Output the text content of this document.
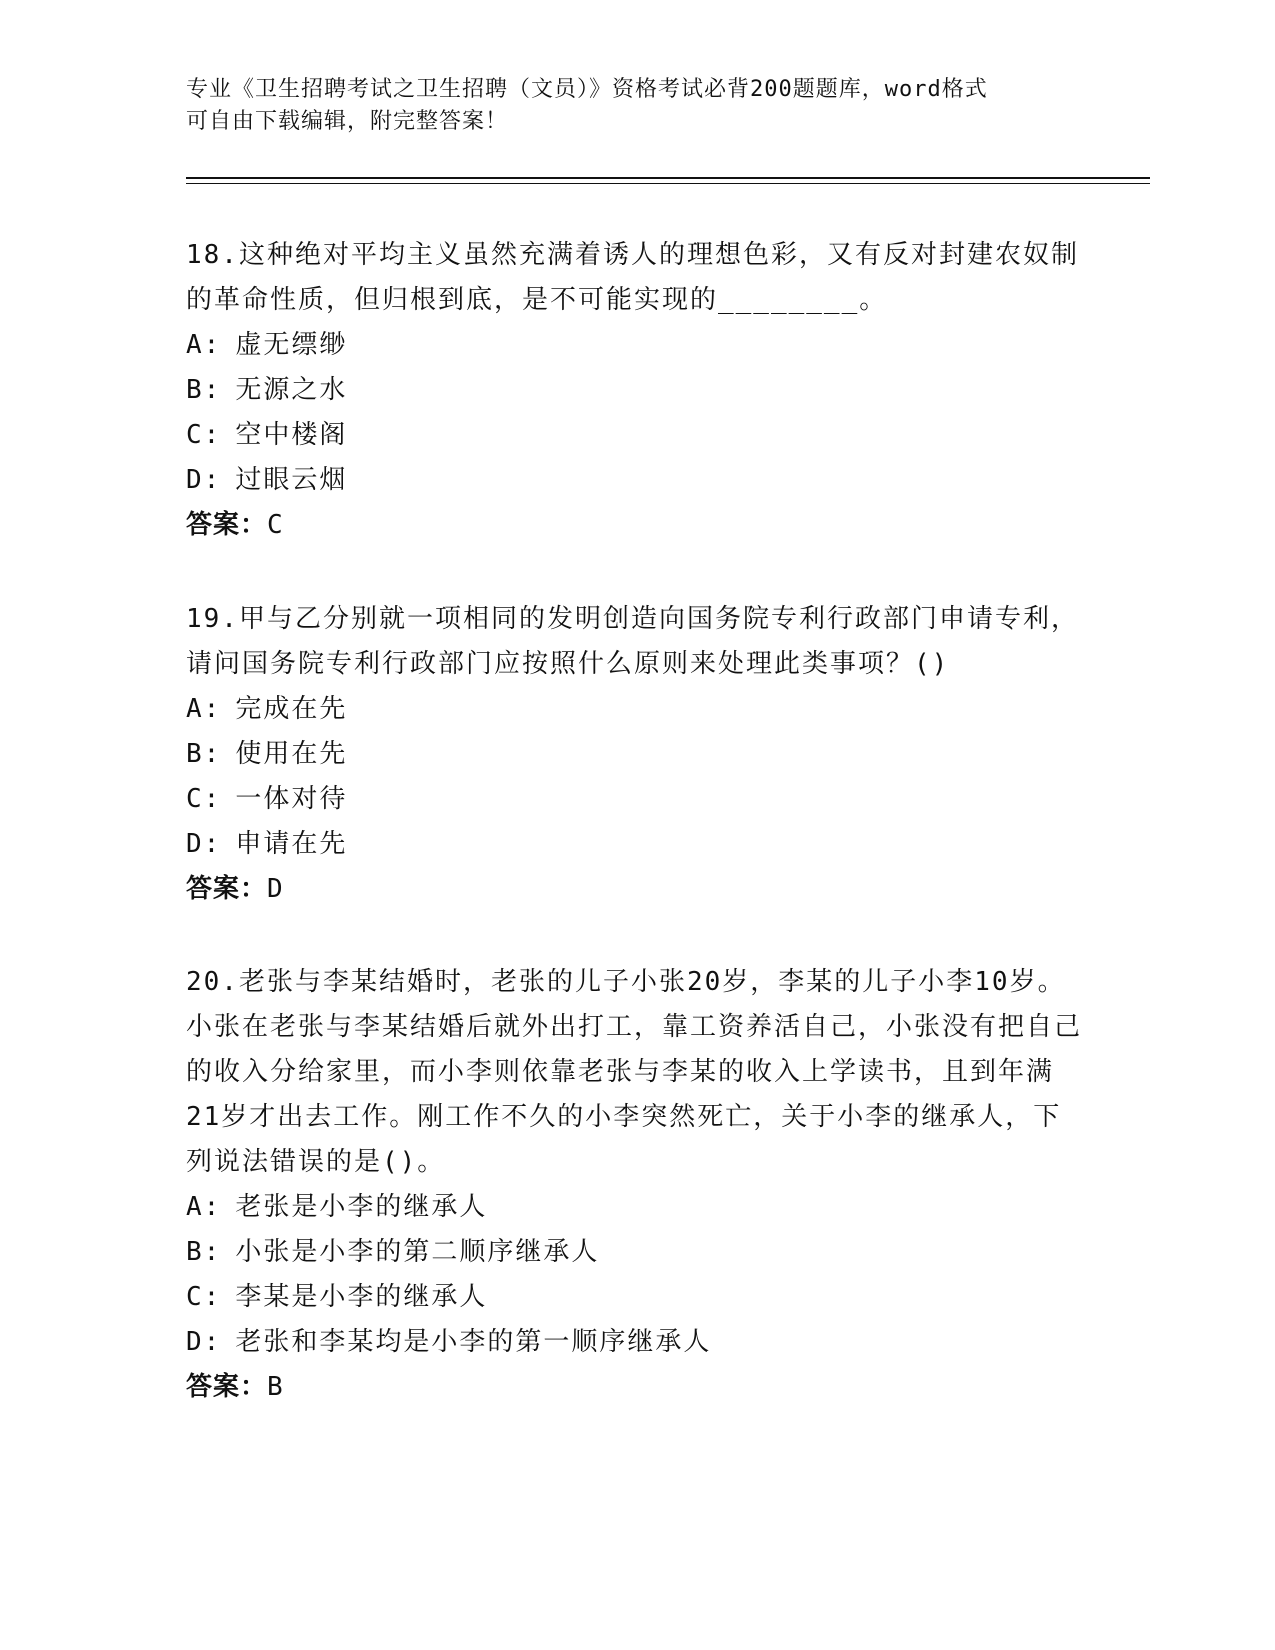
专业《卫生招聘考试之卫生招聘（文员）》资格考试必背200题题库，word格式
可自由下载编辑，附完整答案！

18.这种绝对平均主义虽然充满着诱人的理想色彩，又有反对封建农奴制的革命性质，但归根到底，是不可能实现的________。

A: 虚无缥缈
B: 无源之水
C: 空中楼阁
D: 过眼云烟
答案：C

19.甲与乙分别就一项相同的发明创造向国务院专利行政部门申请专利，请问国务院专利行政部门应按照什么原则来处理此类事项？()

A: 完成在先
B: 使用在先
C: 一体对待
D: 申请在先
答案：D

20.老张与李某结婚时，老张的儿子小张20岁，李某的儿子小李10岁。小张在老张与李某结婚后就外出打工，靠工资养活自己，小张没有把自己的收入分给家里，而小李则依靠老张与李某的收入上学读书，且到年满21岁才出去工作。刚工作不久的小李突然死亡，关于小李的继承人，下列说法错误的是()。

A: 老张是小李的继承人
B: 小张是小李的第二顺序继承人
C: 李某是小李的继承人
D: 老张和李某均是小李的第一顺序继承人
答案：B
